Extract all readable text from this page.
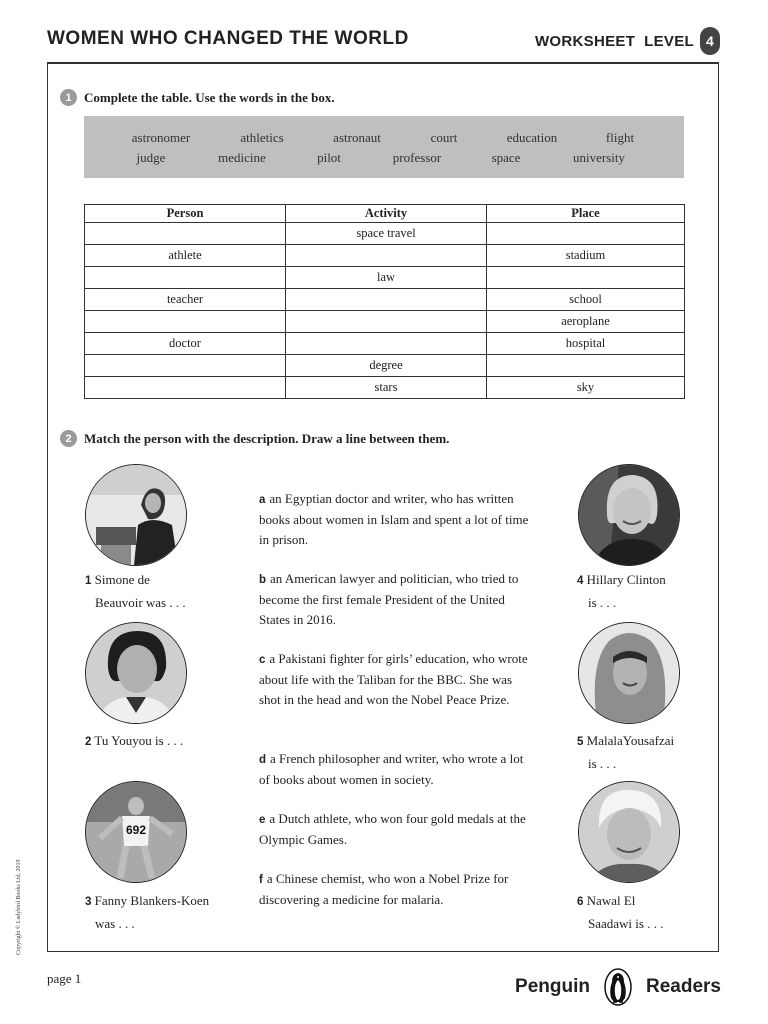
WOMEN WHO CHANGED THE WORLD	WORKSHEET LEVEL 4
1 Complete the table. Use the words in the box.
astronomer	athletics	astronaut	court	education	flight
judge	medicine	pilot	professor	space	university
Person	Activity	Place
	space travel	
athlete		stadium
	law	
teacher		school
		aeroplane
doctor		hospital
	degree	
	stars	sky
2 Match the person with the description. Draw a line between them.
692
1 Simone de
Beauvoir was . . .
2 Tu Youyou is . . .
3 Fanny Blankers-Koen
was . . .
4 Hillary Clinton
is . . .
5 MalalaYousafzai
is . . .
6 Nawal El
Saadawi is . . .
a an Egyptian doctor and writer, who has written books about women in Islam and spent a lot of time in prison.
b an American lawyer and politician, who tried to become the first female President of the United States in 2016.
c a Pakistani fighter for girls’ education, who wrote about life with the Taliban for the BBC. She was shot in the head and won the Nobel Peace Prize.
d a French philosopher and writer, who wrote a lot of books about women in society.
e a Dutch athlete, who won four gold medals at the Olympic Games.
f a Chinese chemist, who won a Nobel Prize for discovering a medicine for malaria.
page 1
Copyright © Ladybird Books Ltd, 2019
Penguin	Readers
